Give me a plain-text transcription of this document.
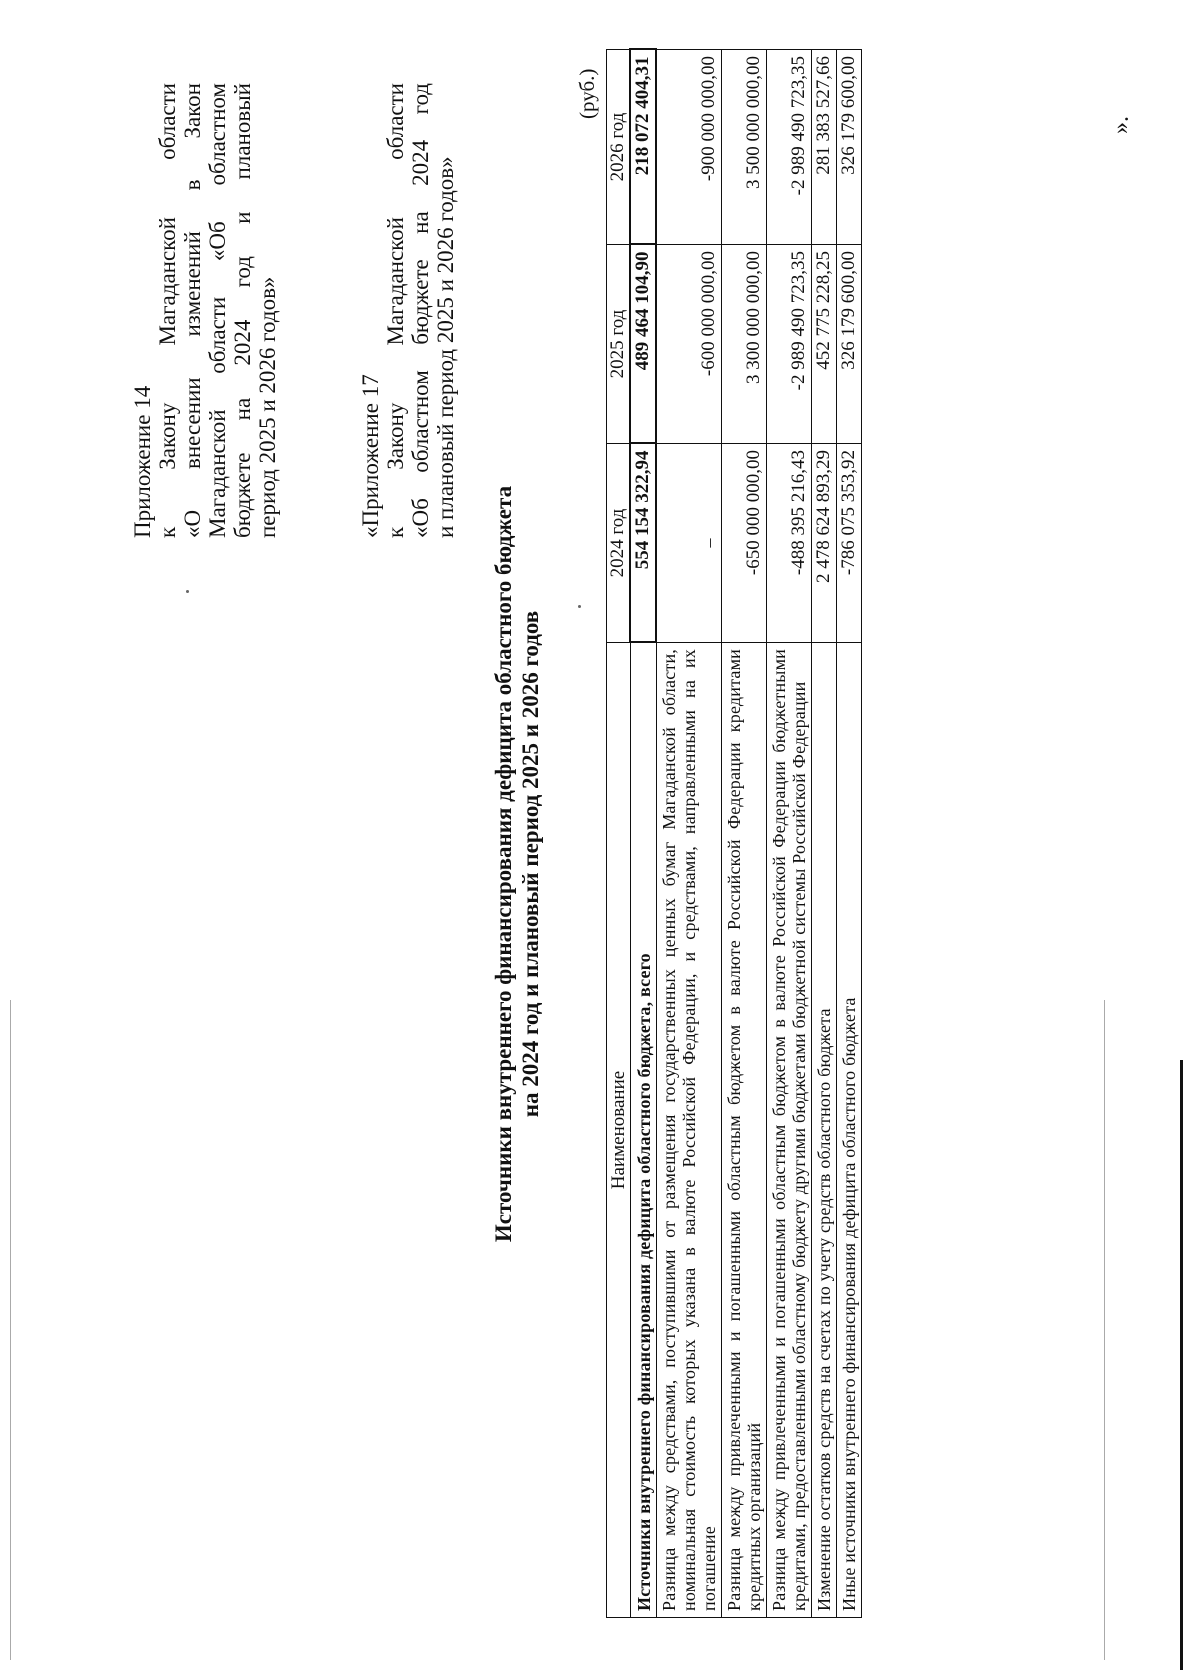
Приложение 14 к Закону Магаданской области «О внесении изменений в Закон Магаданской области «Об областном бюджете на 2024 год и плановый период 2025 и 2026 годов»	«Приложение 17 к Закону Магаданской области «Об областном бюджете на 2024 год и плановый период 2025 и 2026 годов»
Источники внутреннего финансирования дефицита областного бюджета на 2024 год и плановый период 2025 и 2026 годов
(руб.)
Наименование	2024 год	2025 год	2026 год
Источники внутреннего финансирования дефицита областного бюджета, всего	554 154 322,94	489 464 104,90	218 072 404,31
Разница между средствами, поступившими от размещения государственных ценных бумаг Магаданской области, номинальная стоимость которых указана в валюте Российской Федерации, и средствами, направленными на их погашение	–	-600 000 000,00	-900 000 000,00
Разница между привлеченными и погашенными областным бюджетом в валюте Российской Федерации кредитами кредитных организаций	-650 000 000,00	3 300 000 000,00	3 500 000 000,00
Разница между привлеченными и погашенными областным бюджетом в валюте Российской Федерации бюджетными кредитами, предоставленными областному бюджету другими бюджетами бюджетной системы Российской Федерации	-488 395 216,43	-2 989 490 723,35	-2 989 490 723,35
Изменение остатков средств на счетах по учету средств областного бюджета	2 478 624 893,29	452 775 228,25	281 383 527,66
Иные источники внутреннего финансирования дефицита областного бюджета	-786 075 353,92	326 179 600,00	326 179 600,00	».
